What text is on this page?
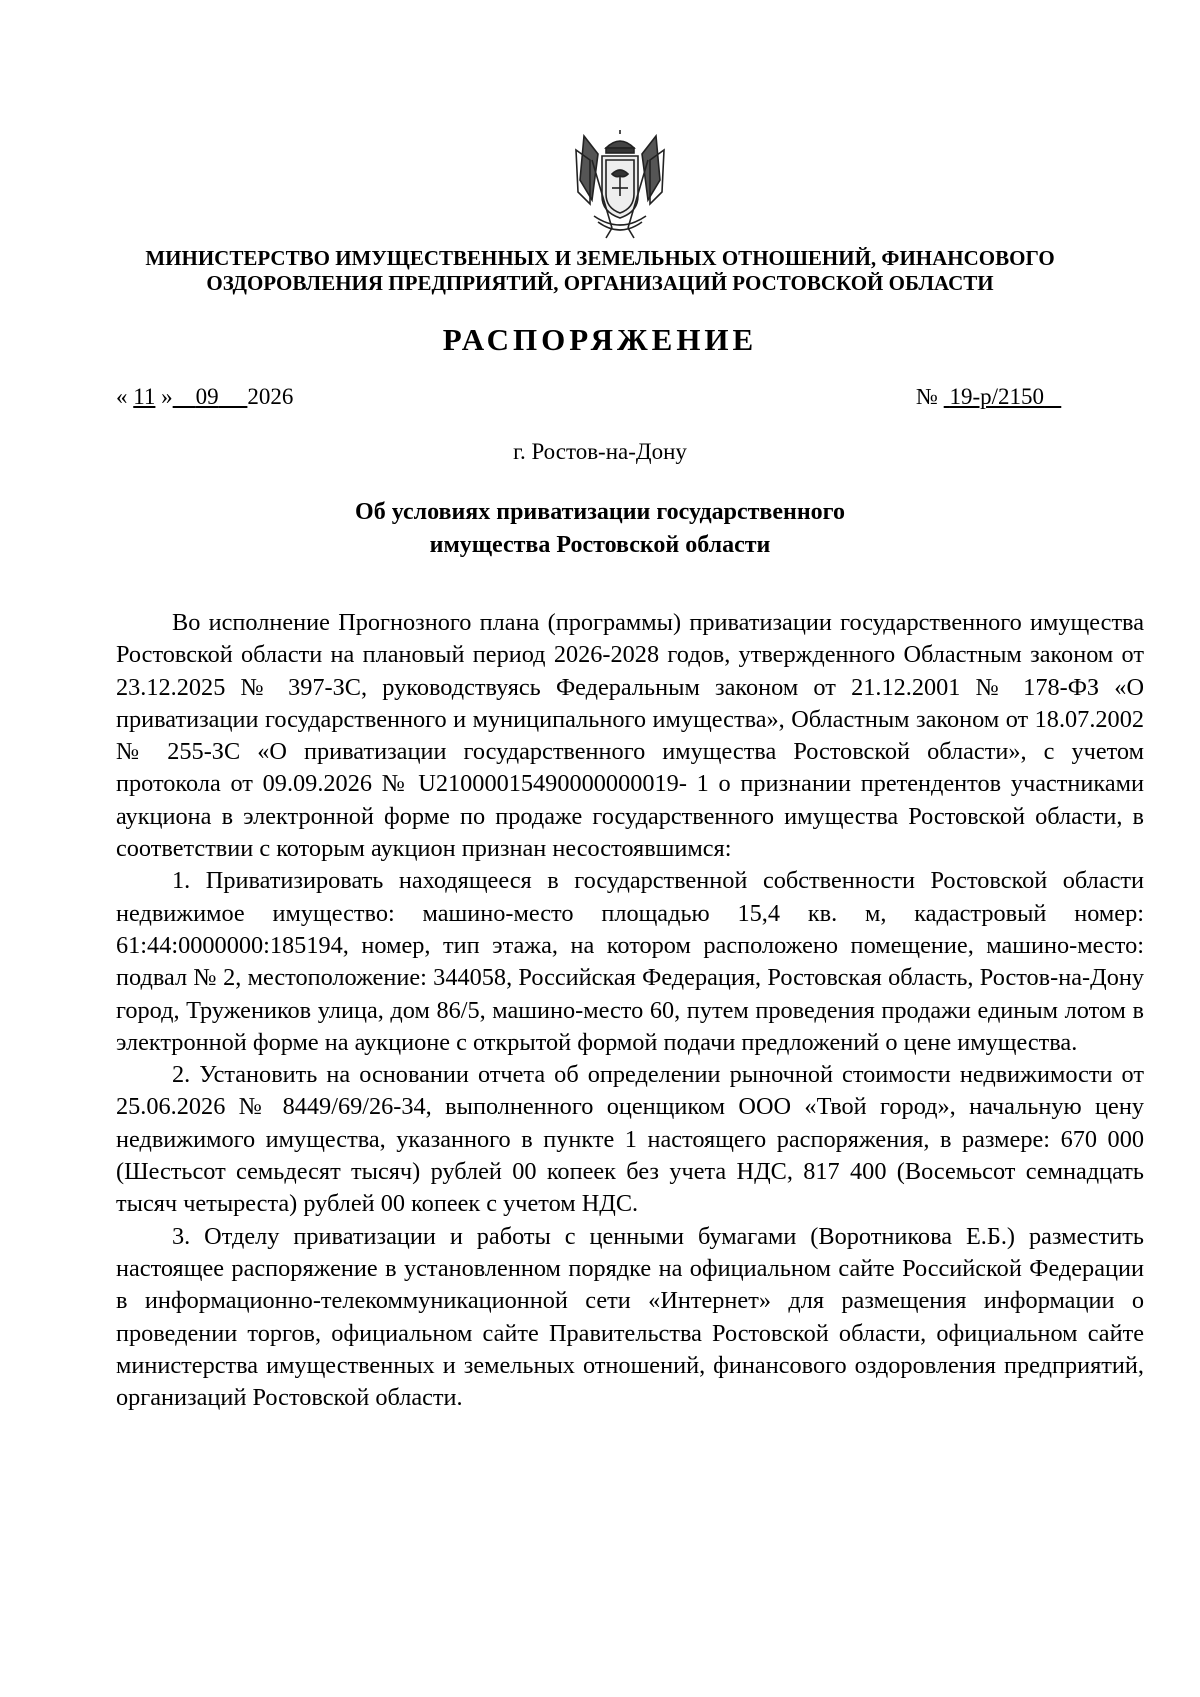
МИНИСТЕРСТВО ИМУЩЕСТВЕННЫХ И ЗЕМЕЛЬНЫХ ОТНОШЕНИЙ, ФИНАНСОВОГО
ОЗДОРОВЛЕНИЯ ПРЕДПРИЯТИЙ, ОРГАНИЗАЦИЙ РОСТОВСКОЙ ОБЛАСТИ
РАСПОРЯЖЕНИЕ
« 11 » 09 2026	№  19-р/2150
г. Ростов-на-Дону
Об условиях приватизации государственного
имущества Ростовской области

Во исполнение Прогнозного плана (программы) приватизации государственного имущества Ростовской области на плановый период 2026-2028 годов, утвержденного Областным законом от 23.12.2025 № 397-ЗС, руководствуясь Федеральным законом от 21.12.2001 № 178-ФЗ «О приватизации государственного и муниципального имущества», Областным законом от 18.07.2002 № 255-ЗС «О приватизации государственного имущества Ростовской области», с учетом протокола от 09.09.2026 № U21000015490000000019- 1 о признании претендентов участниками аукциона в электронной форме по продаже государственного имущества Ростовской области, в соответствии с которым аукцион признан несостоявшимся:

1. Приватизировать находящееся в государственной собственности Ростовской области недвижимое имущество: машино-место площадью 15,4 кв. м, кадастровый номер: 61:44:0000000:185194, номер, тип этажа, на котором расположено помещение, машино-место: подвал № 2, местоположение: 344058, Российская Федерация, Ростовская область, Ростов-на-Дону город, Тружеников улица, дом 86/5, машино-место 60, путем проведения продажи единым лотом в электронной форме на аукционе с открытой формой подачи предложений о цене имущества.

2. Установить на основании отчета об определении рыночной стоимости недвижимости от 25.06.2026 № 8449/69/26-34, выполненного оценщиком ООО «Твой город», начальную цену недвижимого имущества, указанного в пункте 1 настоящего распоряжения, в размере: 670 000 (Шестьсот семьдесят тысяч) рублей 00 копеек без учета НДС, 817 400 (Восемьсот семнадцать тысяч четыреста) рублей 00 копеек с учетом НДС.

3. Отделу приватизации и работы с ценными бумагами (Воротникова Е.Б.) разместить настоящее распоряжение в установленном порядке на официальном сайте Российской Федерации в информационно-телекоммуникационной сети «Интернет» для размещения информации о проведении торгов, официальном сайте Правительства Ростовской области, официальном сайте министерства имущественных и земельных отношений, финансового оздоровления предприятий, организаций Ростовской области.
